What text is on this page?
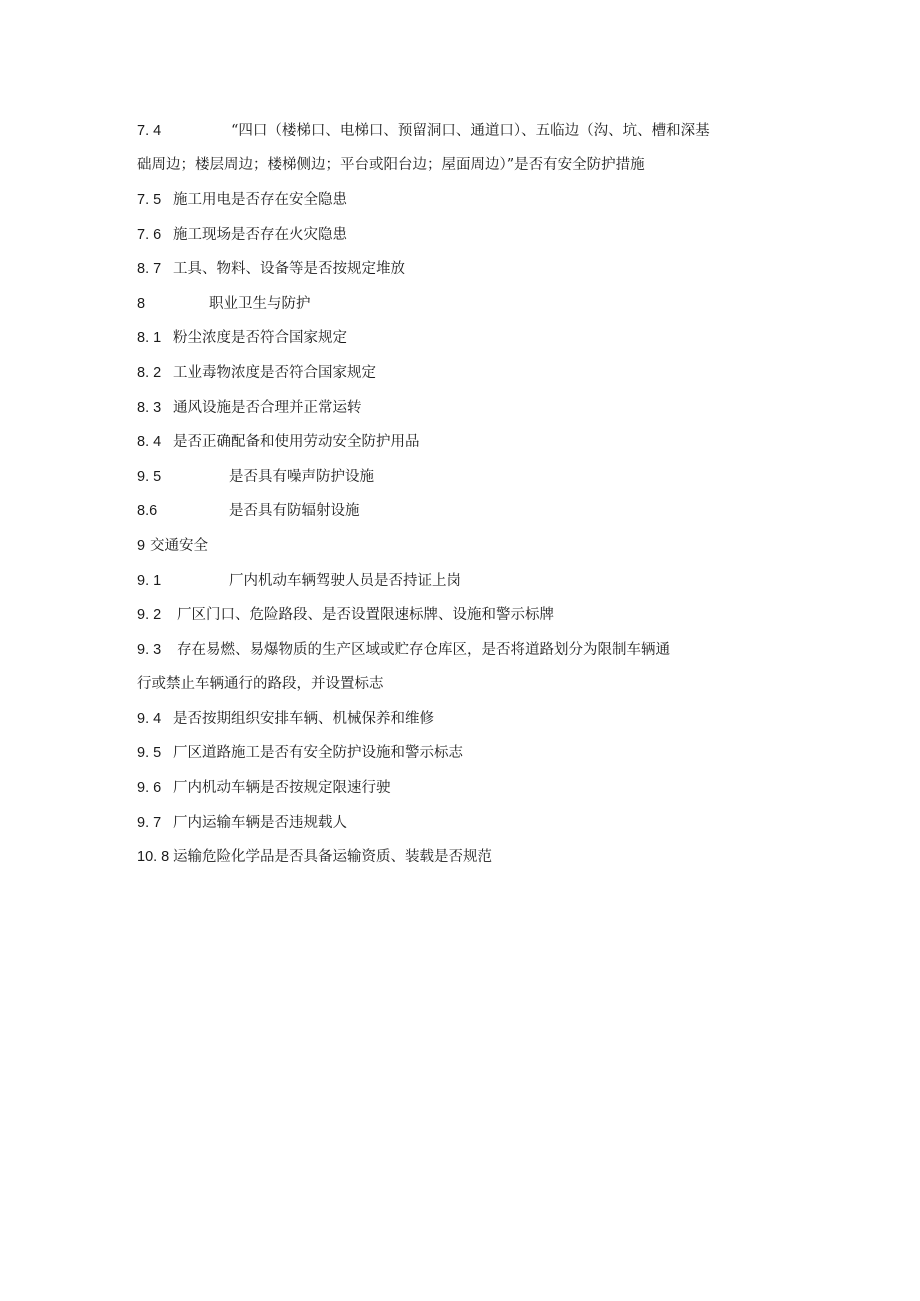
7. 4	“四口（楼梯口、电梯口、预留洞口、通道口）、五临边（沟、坑、槽和深基
础周边；楼层周边；楼梯侧边；平台或阳台边；屋面周边）”是否有安全防护措施
7. 5 施工用电是否存在安全隐患
7. 6 施工现场是否存在火灾隐患
8. 7 工具、物料、设备等是否按规定堆放
8	职业卫生与防护
8. 1 粉尘浓度是否符合国家规定
8. 2 工业毒物浓度是否符合国家规定
8. 3 通风设施是否合理并正常运转
8. 4 是否正确配备和使用劳动安全防护用品
9. 5	是否具有噪声防护设施
8.6	是否具有防辐射设施
9 交通安全
9. 1	厂内机动车辆驾驶人员是否持证上岗
9. 2 厂区门口、危险路段、是否设置限速标牌、设施和警示标牌
9. 3 存在易燃、易爆物质的生产区域或贮存仓库区，是否将道路划分为限制车辆通
行或禁止车辆通行的路段，并设置标志
9. 4 是否按期组织安排车辆、机械保养和维修
9. 5 厂区道路施工是否有安全防护设施和警示标志
9. 6 厂内机动车辆是否按规定限速行驶
9. 7 厂内运输车辆是否违规载人
10. 8 运输危险化学品是否具备运输资质、装载是否规范
